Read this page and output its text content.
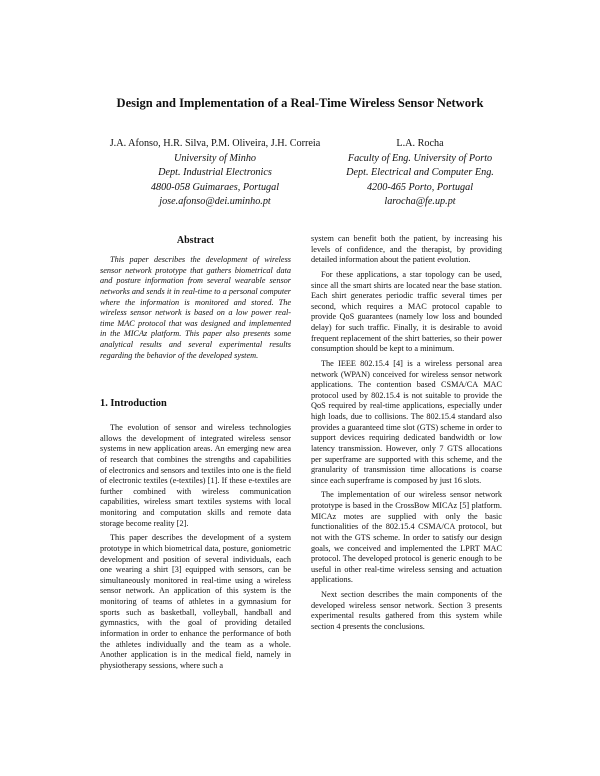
Design and Implementation of a Real-Time Wireless Sensor Network
J.A. Afonso, H.R. Silva, P.M. Oliveira, J.H. Correia
University of Minho
Dept. Industrial Electronics
4800-058 Guimaraes, Portugal
jose.afonso@dei.uminho.pt
L.A. Rocha
Faculty of Eng. University of Porto
Dept. Electrical and Computer Eng.
4200-465 Porto, Portugal
larocha@fe.up.pt
Abstract
This paper describes the development of wireless sensor network prototype that gathers biometrical data and posture information from several wearable sensor networks and sends it in real-time to a personal computer where the information is monitored and stored. The wireless sensor network is based on a low power real-time MAC protocol that was designed and implemented in the MICAz platform. This paper also presents some analytical results and several experimental results regarding the behavior of the developed system.
1. Introduction

The evolution of sensor and wireless technologies allows the development of integrated wireless sensor systems in new application areas. An emerging new area of research that combines the strengths and capabilities of electronics and sensors and textiles into one is the field of electronic textiles (e-textiles) [1]. If these e-textiles are further combined with wireless communication capabilities, wireless smart textiles systems with local monitoring and computation skills and remote data storage become reality [2].

This paper describes the development of a system prototype in which biometrical data, posture, goniometric development and position of several individuals, each one wearing a shirt [3] equipped with sensors, can be simultaneously monitored in real-time using a wireless sensor network. An application of this system is the monitoring of teams of athletes in a gymnasium for sports such as basketball, volleyball, handball and gymnastics, with the goal of providing detailed information in order to enhance the performance of both the athletes individually and the team as a whole. Another application is in the medical field, namely in physiotherapy sessions, where such a

system can benefit both the patient, by increasing his levels of confidence, and the therapist, by providing detailed information about the patient evolution.

For these applications, a star topology can be used, since all the smart shirts are located near the base station. Each shirt generates periodic traffic several times per second, which requires a MAC protocol capable to provide QoS guarantees (namely low loss and bounded delay) for such traffic. Finally, it is desirable to avoid frequent replacement of the shirt batteries, so their power consumption should be kept to a minimum.

The IEEE 802.15.4 [4] is a wireless personal area network (WPAN) conceived for wireless sensor network applications. The contention based CSMA/CA MAC protocol used by 802.15.4 is not suitable to provide the QoS required by real-time applications, especially under high loads, due to collisions. The 802.15.4 standard also provides a guaranteed time slot (GTS) scheme in order to support devices requiring dedicated bandwidth or low latency transmission. However, only 7 GTS allocations per superframe are supported with this scheme, and the granularity of transmission time allocations is coarse since each superframe is composed by just 16 slots.

The implementation of our wireless sensor network prototype is based in the CrossBow MICAz [5] platform. MICAz motes are supplied with only the basic functionalities of the 802.15.4 CSMA/CA protocol, but not with the GTS scheme. In order to satisfy our design goals, we conceived and implemented the LPRT MAC protocol. The developed protocol is generic enough to be useful in other real-time wireless sensing and actuation applications.

Next section describes the main components of the developed wireless sensor network. Section 3 presents experimental results gathered from this system while section 4 presents the conclusions.
